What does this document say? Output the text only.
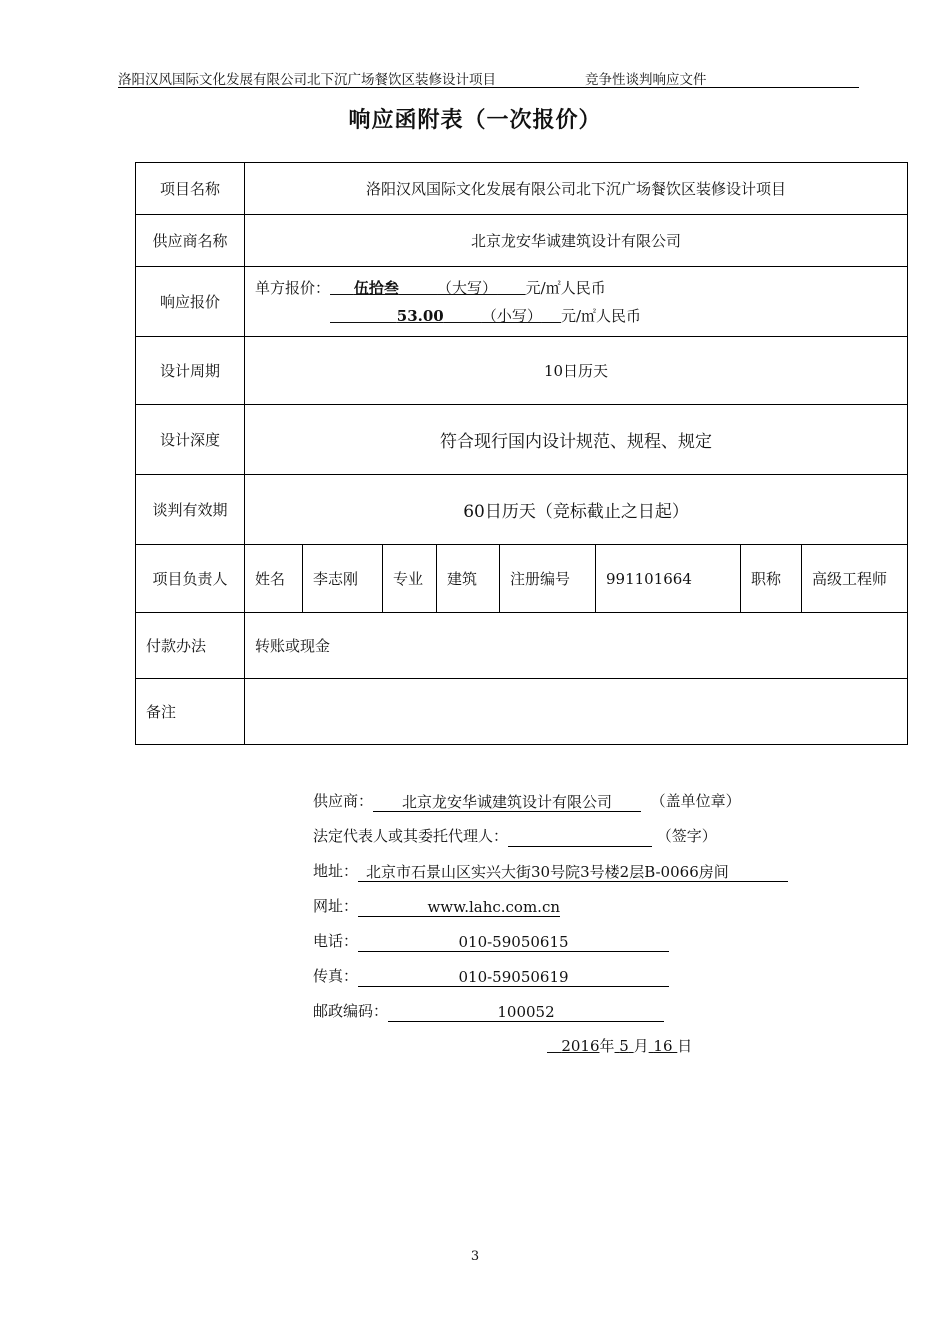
洛阳汉风国际文化发展有限公司北下沉广场餐饮区装修设计项目	竞争性谈判响应文件
响应函附表（一次报价）
项目名称	洛阳汉风国际文化发展有限公司北下沉广场餐饮区装修设计项目							
供应商名称	北京龙安华诚建筑设计有限公司							
响应报价	单方报价： 伍拾叁 （大写） 元/㎡人民币
53.00 （小写） 元/㎡人民币							

设计周期	10日历天							
设计深度	符合现行国内设计规范、规程、规定							
谈判有效期	60日历天（竞标截止之日起）							
项目负责人	姓名	李志刚	专业	建筑	注册编号	991101664	职称	高级工程师
付款办法	转账或现金							
备注								
供应商：	北京龙安华诚建筑设计有限公司	（盖单位章）
法定代表人或其委托代理人：	（签字）
地址： 北京市石景山区实兴大街30号院3号楼2层B-0066房间
网址：	www.lahc.com.cn
电话：	010-59050615
传真：	010-59050619
邮政编码：	100052
2016年 5 月 16 日
3
